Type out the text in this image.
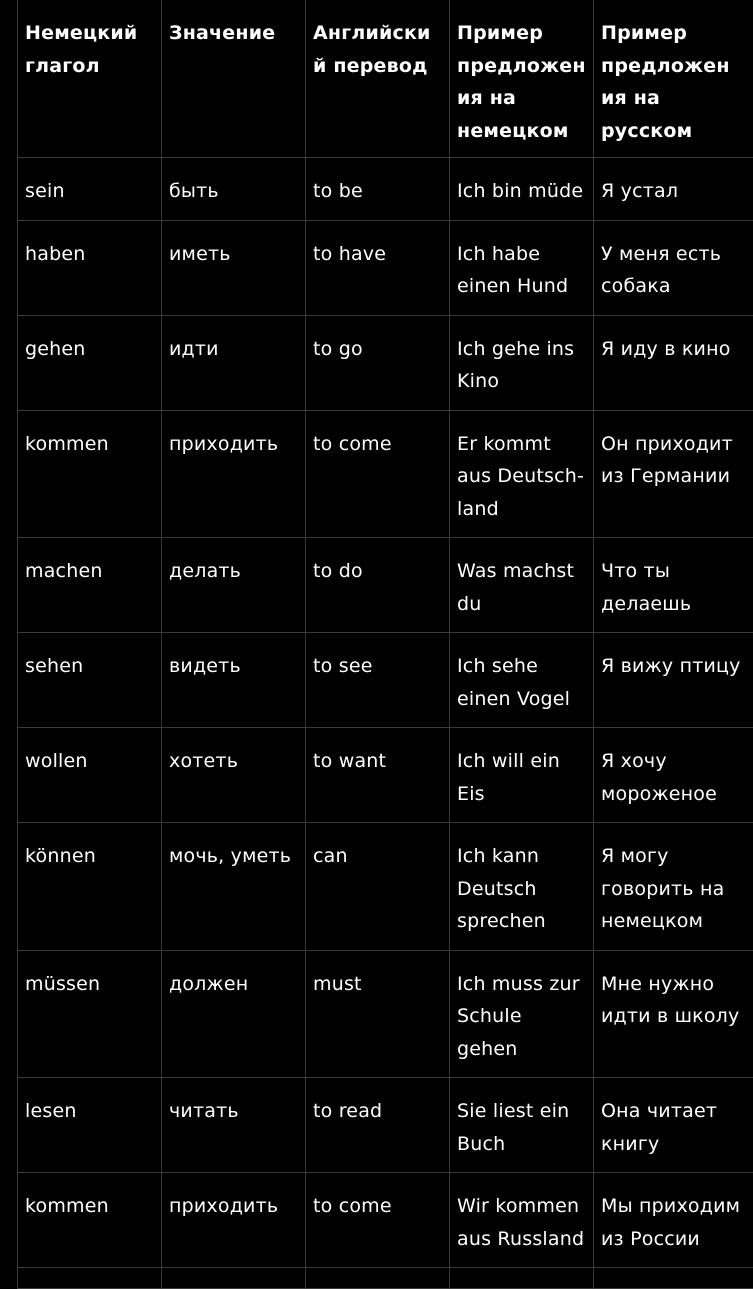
Немецкий глагол	Значение	Английски й перевод	Пример предложен ия на немецком	Пример предложен ия на русском
sein	быть	to be	Ich bin müde	Я устал
haben	иметь	to have	Ich habe einen Hund	У меня есть собака
gehen	идти	to go	Ich gehe ins Kino	Я иду в кино
kommen	приходить	to come	Er kommt aus Deutsch-land	Он приходит из Германии
machen	делать	to do	Was machst du	Что ты делаешь
sehen	видеть	to see	Ich sehe einen Vogel	Я вижу птицу
wollen	хотеть	to want	Ich will ein Eis	Я хочу мороженое
können	мочь, уметь	can	Ich kann Deutsch sprechen	Я могу говорить на немецком
müssen	должен	must	Ich muss zur Schule gehen	Мне нужно идти в школу
lesen	читать	to read	Sie liest ein Buch	Она читает книгу
kommen	приходить	to come	Wir kommen aus Russland	Мы приходим из России
